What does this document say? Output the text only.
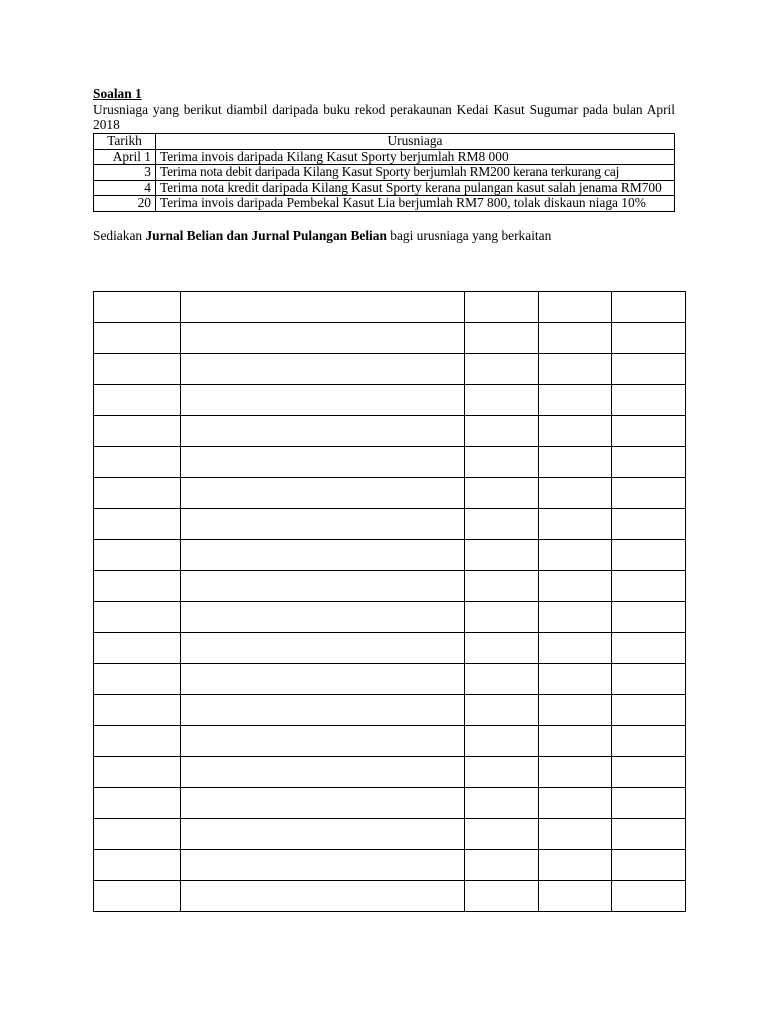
Soalan 1

Urusniaga yang berikut diambil daripada buku rekod perakaunan Kedai Kasut Sugumar pada bulan April 2018

Tarikh	Urusniaga
April 1	Terima invois daripada Kilang Kasut Sporty berjumlah RM8 000
3	Terima nota debit daripada Kilang Kasut Sporty berjumlah RM200 kerana terkurang caj
4	Terima nota kredit daripada Kilang Kasut Sporty kerana pulangan kasut salah jenama RM700
20	Terima invois daripada Pembekal Kasut Lia berjumlah RM7 800, tolak diskaun niaga 10%
Sediakan Jurnal Belian dan Jurnal Pulangan Belian bagi urusniaga yang berkaitan
